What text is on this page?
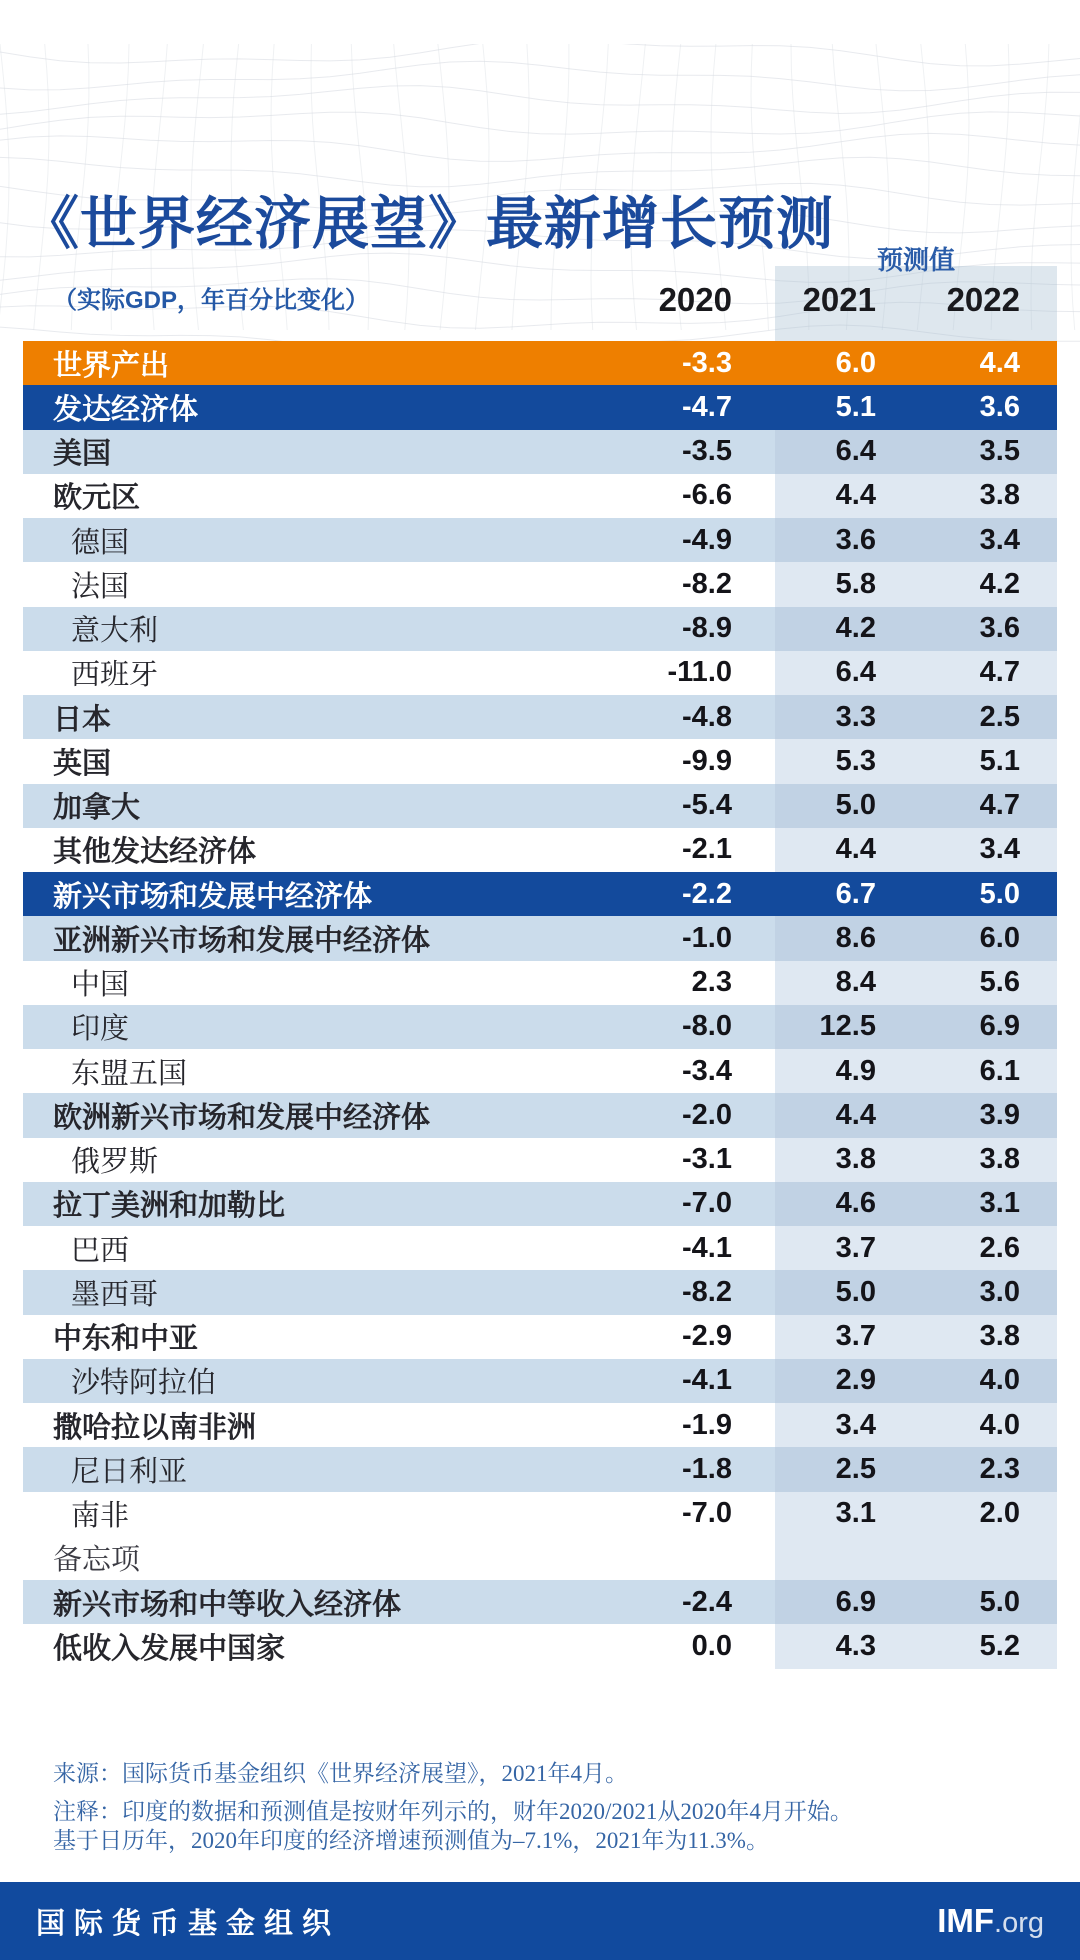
《世界经济展望》最新增长预测
预测值
（实际GDP，年百分比变化）	2020	2021	2022
世界产出	-3.3	6.0	4.4
发达经济体	-4.7	5.1	3.6
美国	-3.5	6.4	3.5
欧元区	-6.6	4.4	3.8
德国	-4.9	3.6	3.4
法国	-8.2	5.8	4.2
意大利	-8.9	4.2	3.6
西班牙	-11.0	6.4	4.7
日本	-4.8	3.3	2.5
英国	-9.9	5.3	5.1
加拿大	-5.4	5.0	4.7
其他发达经济体	-2.1	4.4	3.4
新兴市场和发展中经济体	-2.2	6.7	5.0
亚洲新兴市场和发展中经济体	-1.0	8.6	6.0
中国	2.3	8.4	5.6
印度	-8.0	12.5	6.9
东盟五国	-3.4	4.9	6.1
欧洲新兴市场和发展中经济体	-2.0	4.4	3.9
俄罗斯	-3.1	3.8	3.8
拉丁美洲和加勒比	-7.0	4.6	3.1
巴西	-4.1	3.7	2.6
墨西哥	-8.2	5.0	3.0
中东和中亚	-2.9	3.7	3.8
沙特阿拉伯	-4.1	2.9	4.0
撒哈拉以南非洲	-1.9	3.4	4.0
尼日利亚	-1.8	2.5	2.3
南非	-7.0	3.1	2.0
备忘项
新兴市场和中等收入经济体	-2.4	6.9	5.0
低收入发展中国家	0.0	4.3	5.2

来源：国际货币基金组织《世界经济展望》，2021年4月。

注释：印度的数据和预测值是按财年列示的，财年2020/2021从2020年4月开始。
基于日历年，2020年印度的经济增速预测值为–7.1%，2021年为11.3%。

国际货币基金组织	IMF .org
